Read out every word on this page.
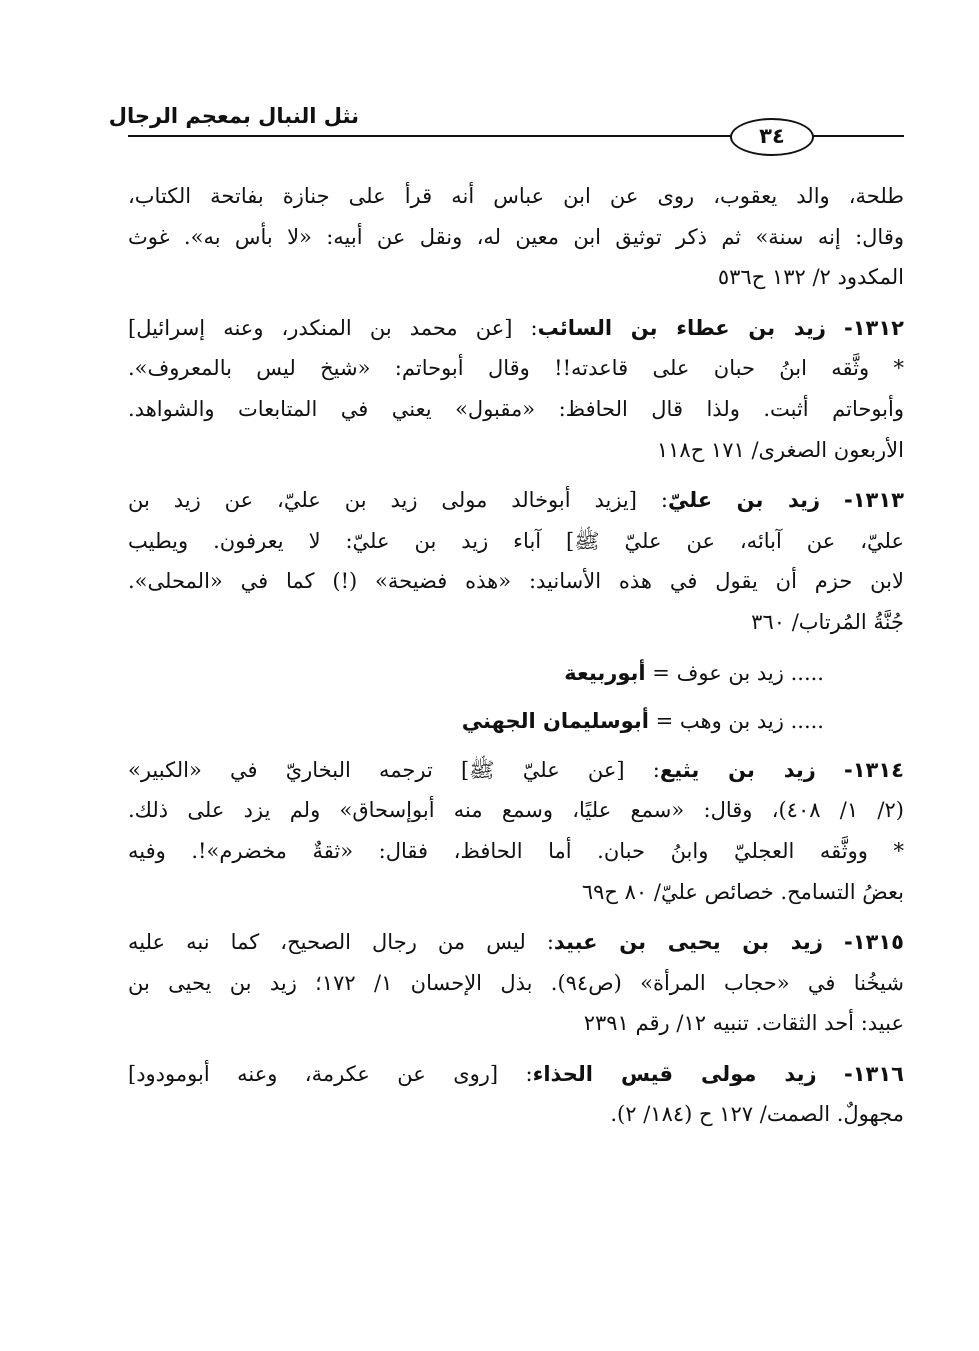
نثل النبال بمعجم الرجال
٣٤
طلحة، والد يعقوب، روى عن ابن عباس أنه قرأ على جنازة بفاتحة الكتاب،
وقال: إنه سنة» ثم ذكر توثيق ابن معين له، ونقل عن أبيه: «لا بأس به». غوث
المكدود ٢/ ١٣٢ ح٥٣٦
١٣١٢- زيد بن عطاء بن السائب: [عن محمد بن المنكدر، وعنه إسرائيل]
* وثَّقه ابنُ حبان على قاعدته!! وقال أبوحاتم: «شيخ ليس بالمعروف».
وأبوحاتم أثبت. ولذا قال الحافظ: «مقبول» يعني في المتابعات والشواهد.
الأربعون الصغرى/ ١٧١ ح١١٨
١٣١٣- زيد بن عليّ: [يزيد أبوخالد مولى زيد بن عليّ، عن زيد بن
عليّ، عن آبائه، عن عليّ ﷺ] آباء زيد بن عليّ: لا يعرفون. ويطيب
لابن حزم أن يقول في هذه الأسانيد: «هذه فضيحة» (!) كما في «المحلى».
جُنَّةُ المُرتاب/ ٣٦٠
..... زيد بن عوف = أبوربيعة
..... زيد بن وهب = أبوسليمان الجهني
١٣١٤- زيد بن يثيع: [عن عليّ ﷺ] ترجمه البخاريّ في «الكبير»
(٢/ ١/ ٤٠٨)، وقال: «سمع عليًا، وسمع منه أبوإسحاق» ولم يزد على ذلك.
* ووثَّقه العجليّ وابنُ حبان. أما الحافظ، فقال: «ثقةٌ مخضرم»!. وفيه
بعضُ التسامح. خصائص عليّ/ ٨٠ ح٦٩
١٣١٥- زيد بن يحيى بن عبيد: ليس من رجال الصحيح، كما نبه عليه
شيخُنا في «حجاب المرأة» (ص٩٤). بذل الإحسان ١/ ١٧٢؛ زيد بن يحيى بن
عبيد: أحد الثقات. تنبيه ١٢/ رقم ٢٣٩١
١٣١٦- زيد مولى قيس الحذاء: [روى عن عكرمة، وعنه أبومودود]
مجهولٌ. الصمت/ ١٢٧ ح (١٨٤/ ٢).
